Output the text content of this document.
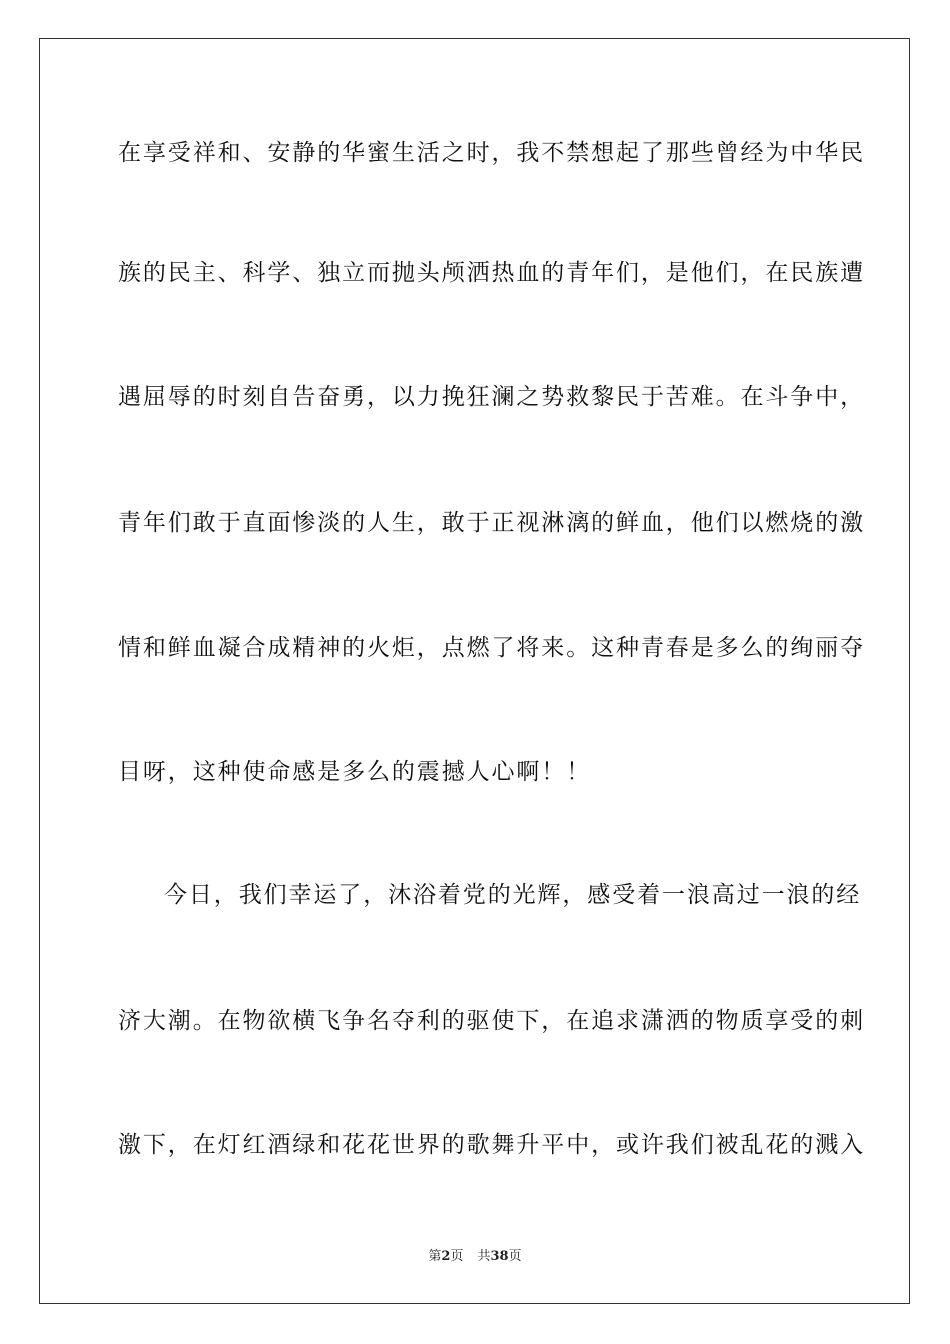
在享受祥和、安静的华蜜生活之时，我不禁想起了那些曾经为中华民
族的民主、科学、独立而抛头颅洒热血的青年们，是他们，在民族遭
遇屈辱的时刻自告奋勇，以力挽狂澜之势救黎民于苦难。在斗争中，
青年们敢于直面惨淡的人生，敢于正视淋漓的鲜血，他们以燃烧的激
情和鲜血凝合成精神的火炬，点燃了将来。这种青春是多么的绚丽夺
目呀，这种使命感是多么的震撼人心啊！！
今日，我们幸运了，沐浴着党的光辉，感受着一浪高过一浪的经
济大潮。在物欲横飞争名夺利的驱使下，在追求潇洒的物质享受的刺
激下，在灯红酒绿和花花世界的歌舞升平中，或许我们被乱花的溅入
第2页 共38页
